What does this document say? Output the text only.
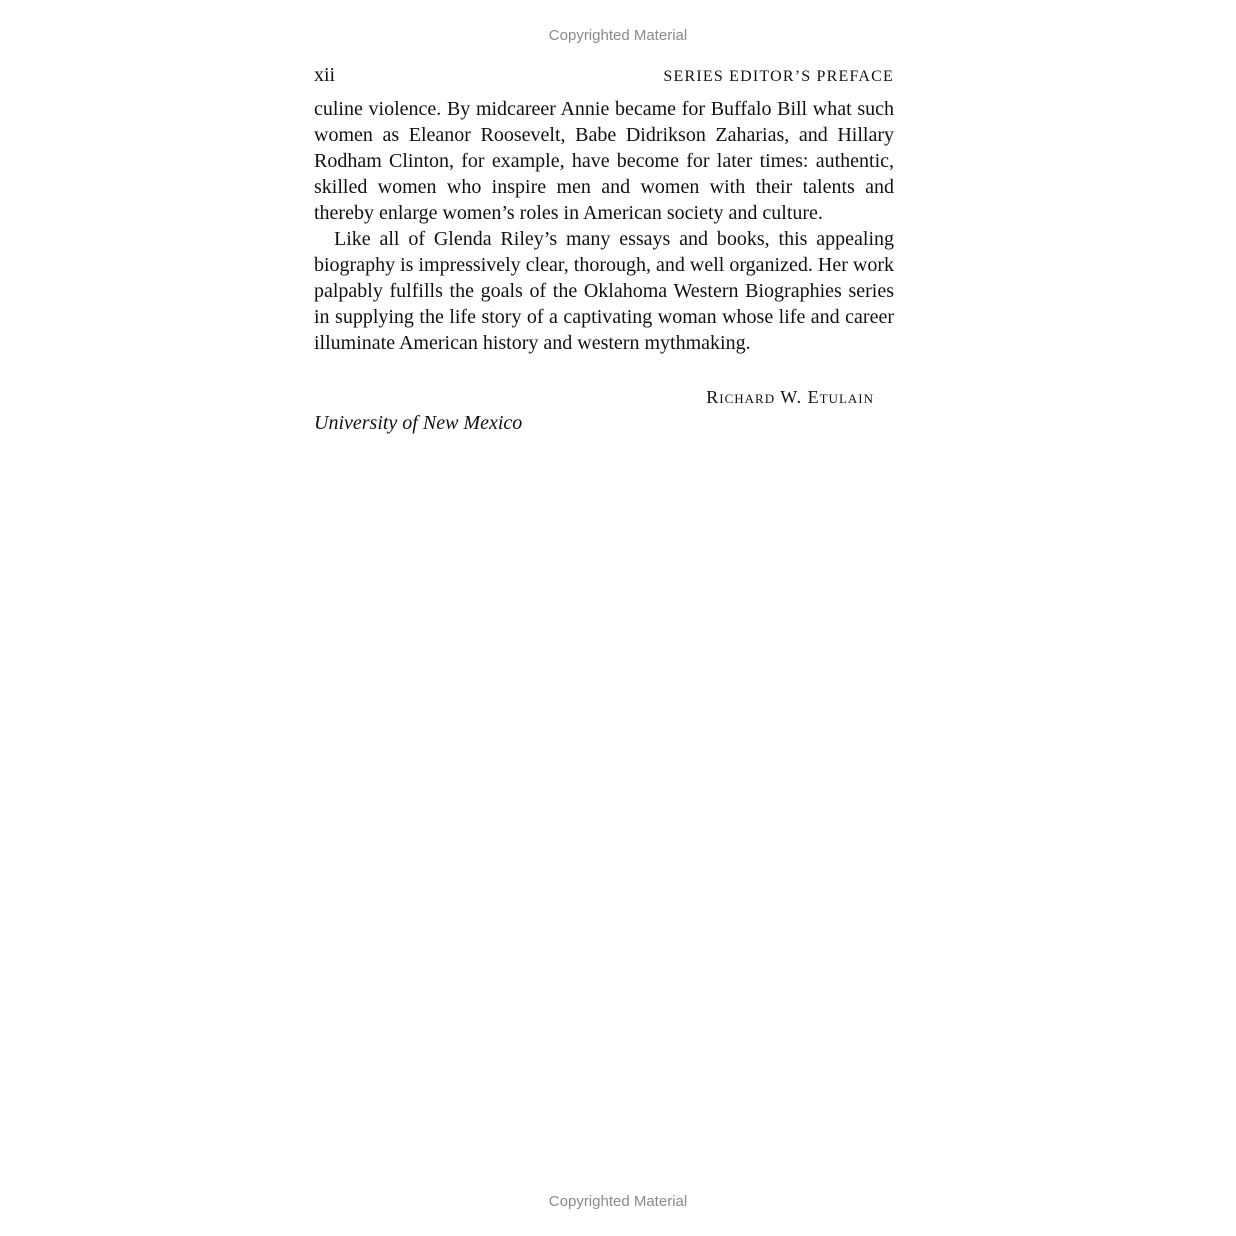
Copyrighted Material
xii	SERIES EDITOR’S PREFACE

culine violence. By midcareer Annie became for Buffalo Bill what such women as Eleanor Roosevelt, Babe Didrikson Zaharias, and Hillary Rodham Clinton, for example, have become for later times: authentic, skilled women who inspire men and women with their talents and thereby enlarge women’s roles in American society and culture.

Like all of Glenda Riley’s many essays and books, this appealing biography is impressively clear, thorough, and well organized. Her work palpably fulfills the goals of the Oklahoma Western Biographies series in supplying the life story of a captivating woman whose life and career illuminate American history and western mythmaking.

Richard W. Etulain
University of New Mexico
Copyrighted Material
